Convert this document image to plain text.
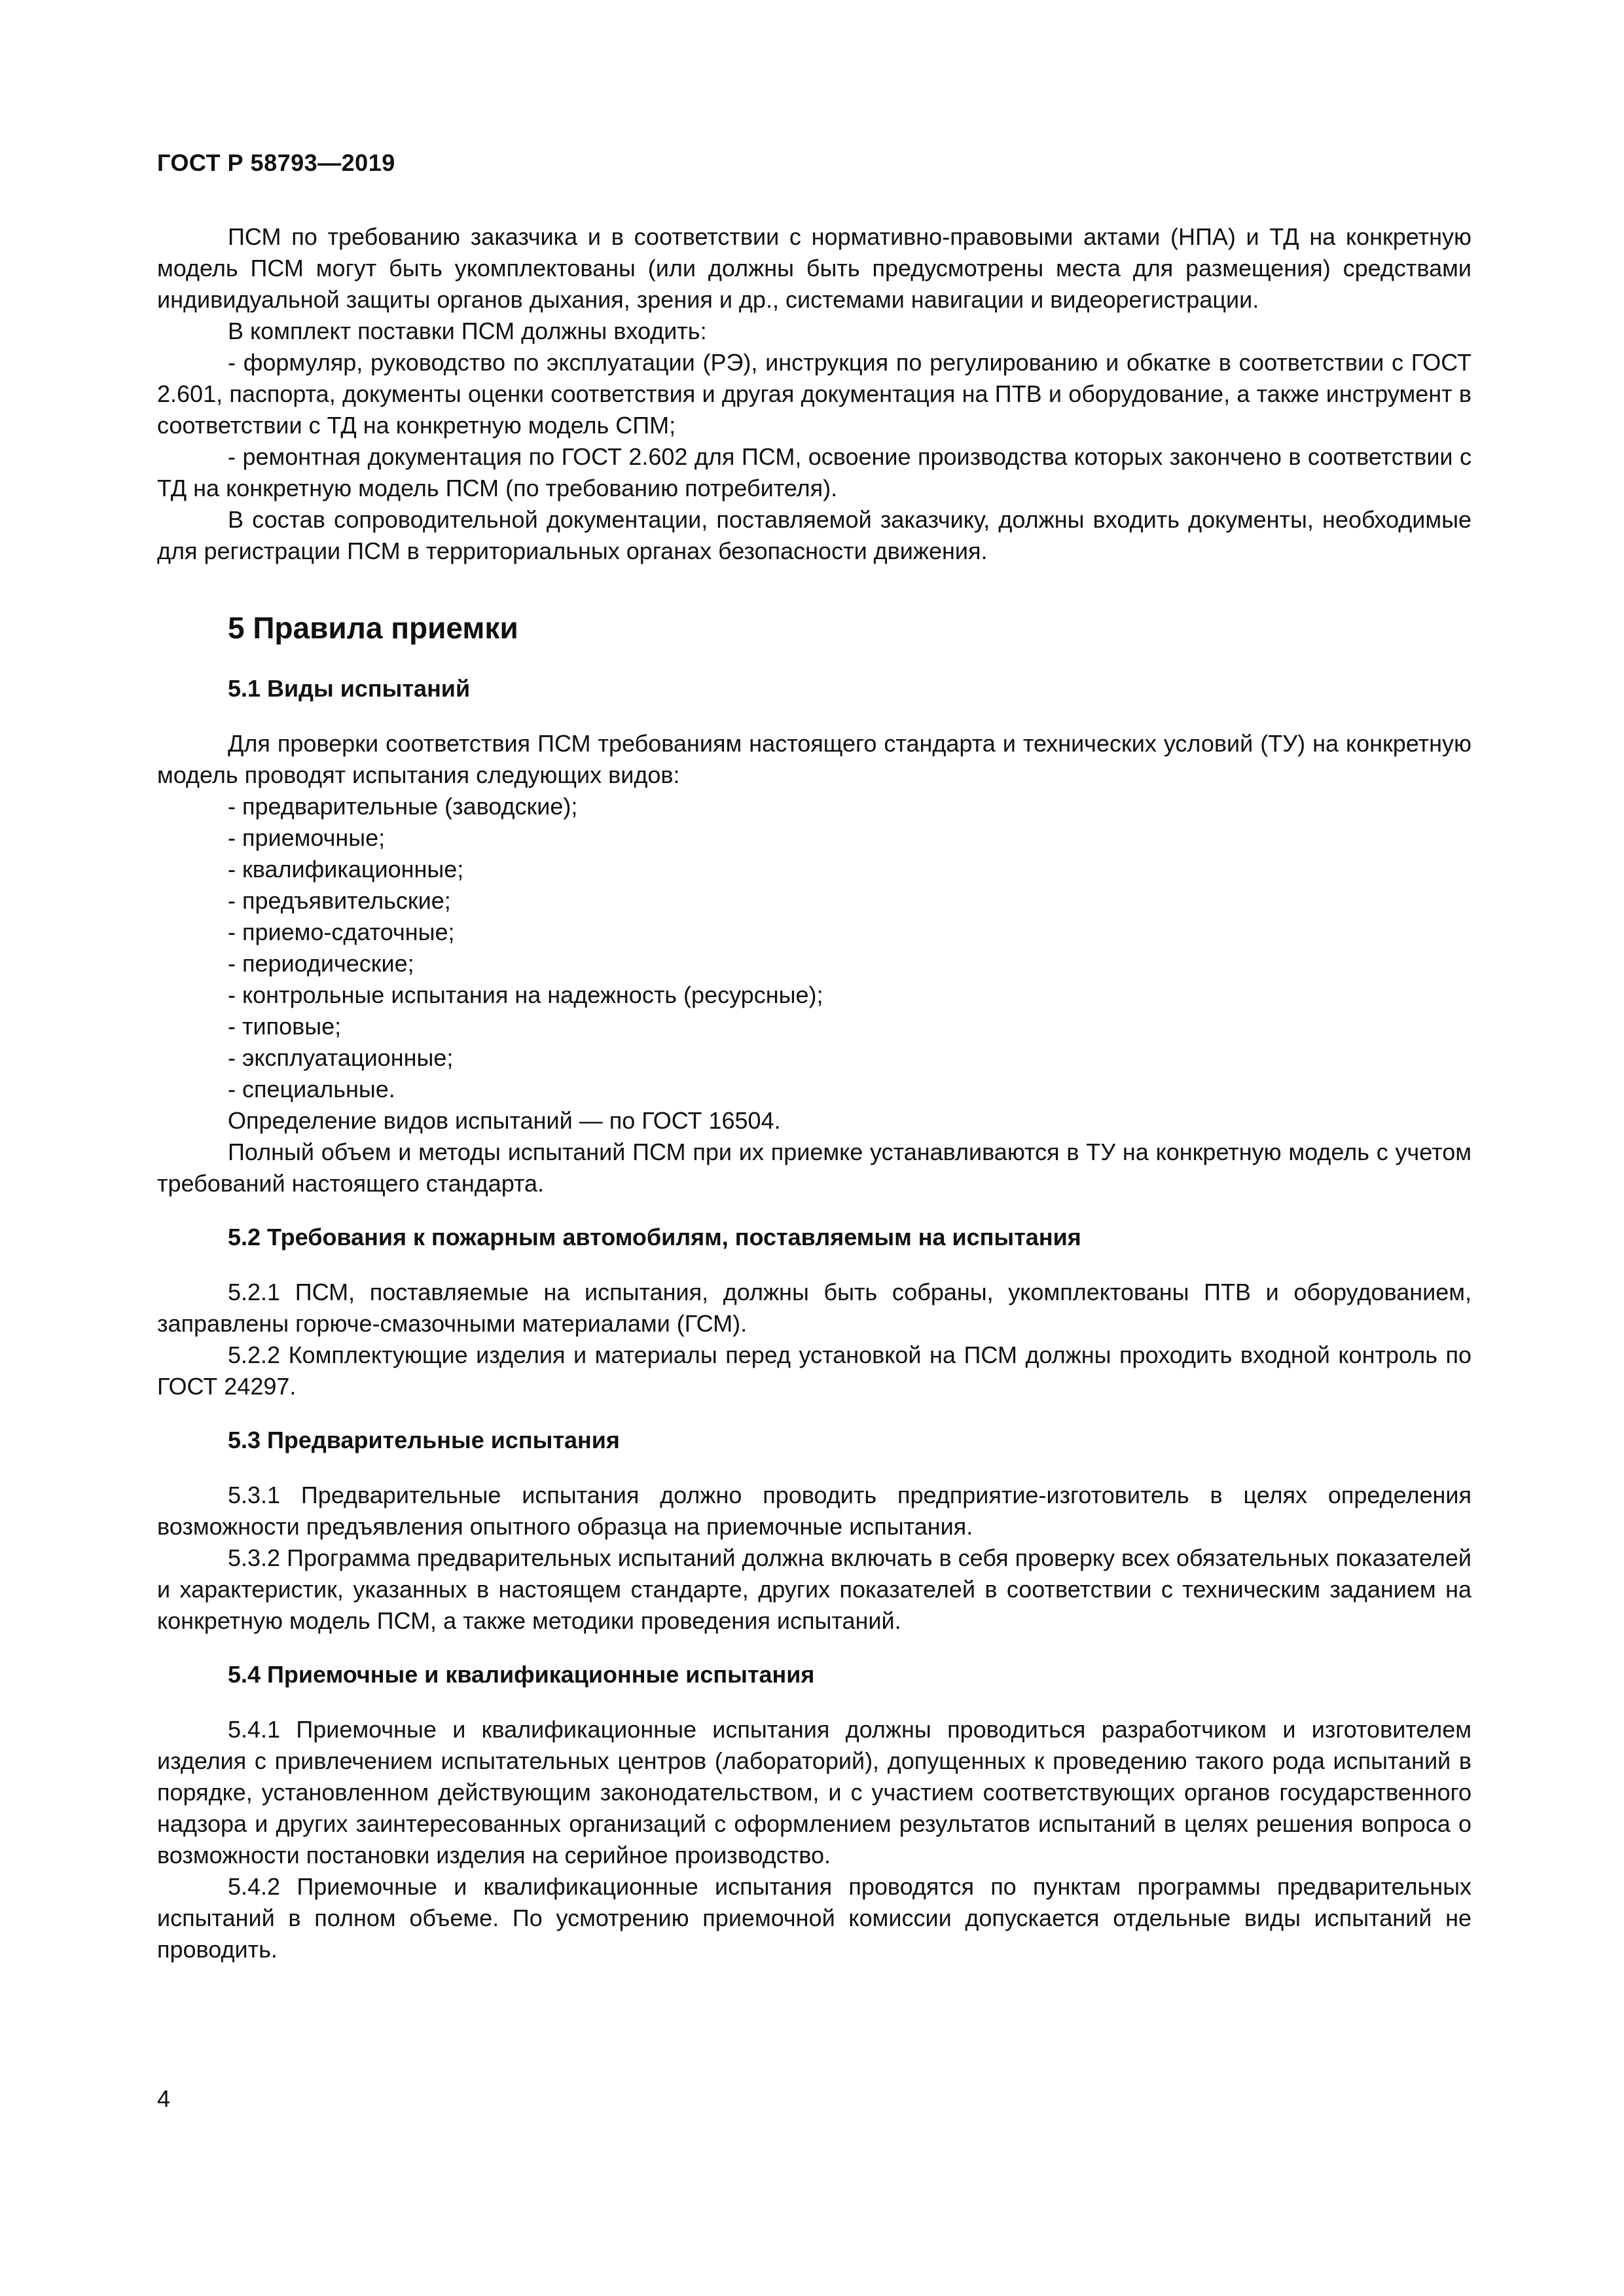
ГОСТ Р 58793—2019

ПСМ по требованию заказчика и в соответствии с нормативно-правовыми актами (НПА) и ТД на конкретную модель ПСМ могут быть укомплектованы (или должны быть предусмотрены места для размещения) средствами индивидуальной защиты органов дыхания, зрения и др., системами навигации и видеорегистрации.

В комплект поставки ПСМ должны входить:

- формуляр, руководство по эксплуатации (РЭ), инструкция по регулированию и обкатке в соответствии с ГОСТ 2.601, паспорта, документы оценки соответствия и другая документация на ПТВ и оборудование, а также инструмент в соответствии с ТД на конкретную модель СПМ;

- ремонтная документация по ГОСТ 2.602 для ПСМ, освоение производства которых закончено в соответствии с ТД на конкретную модель ПСМ (по требованию потребителя).

В состав сопроводительной документации, поставляемой заказчику, должны входить документы, необходимые для регистрации ПСМ в территориальных органах безопасности движения.

5 Правила приемки
5.1 Виды испытаний

Для проверки соответствия ПСМ требованиям настоящего стандарта и технических условий (ТУ) на конкретную модель проводят испытания следующих видов:

- предварительные (заводские);
- приемочные;
- квалификационные;
- предъявительские;
- приемо-сдаточные;
- периодические;
- контрольные испытания на надежность (ресурсные);
- типовые;
- эксплуатационные;
- специальные.

Определение видов испытаний — по ГОСТ 16504.

Полный объем и методы испытаний ПСМ при их приемке устанавливаются в ТУ на конкретную модель с учетом требований настоящего стандарта.

5.2 Требования к пожарным автомобилям, поставляемым на испытания

5.2.1 ПСМ, поставляемые на испытания, должны быть собраны, укомплектованы ПТВ и оборудованием, заправлены горюче-смазочными материалами (ГСМ).

5.2.2 Комплектующие изделия и материалы перед установкой на ПСМ должны проходить входной контроль по ГОСТ 24297.

5.3 Предварительные испытания

5.3.1 Предварительные испытания должно проводить предприятие-изготовитель в целях определения возможности предъявления опытного образца на приемочные испытания.

5.3.2 Программа предварительных испытаний должна включать в себя проверку всех обязательных показателей и характеристик, указанных в настоящем стандарте, других показателей в соответствии с техническим заданием на конкретную модель ПСМ, а также методики проведения испытаний.

5.4 Приемочные и квалификационные испытания

5.4.1 Приемочные и квалификационные испытания должны проводиться разработчиком и изготовителем изделия с привлечением испытательных центров (лабораторий), допущенных к проведению такого рода испытаний в порядке, установленном действующим законодательством, и с участием соответствующих органов государственного надзора и других заинтересованных организаций с оформлением результатов испытаний в целях решения вопроса о возможности постановки изделия на серийное производство.

5.4.2 Приемочные и квалификационные испытания проводятся по пунктам программы предварительных испытаний в полном объеме. По усмотрению приемочной комиссии допускается отдельные виды испытаний не проводить.

4
